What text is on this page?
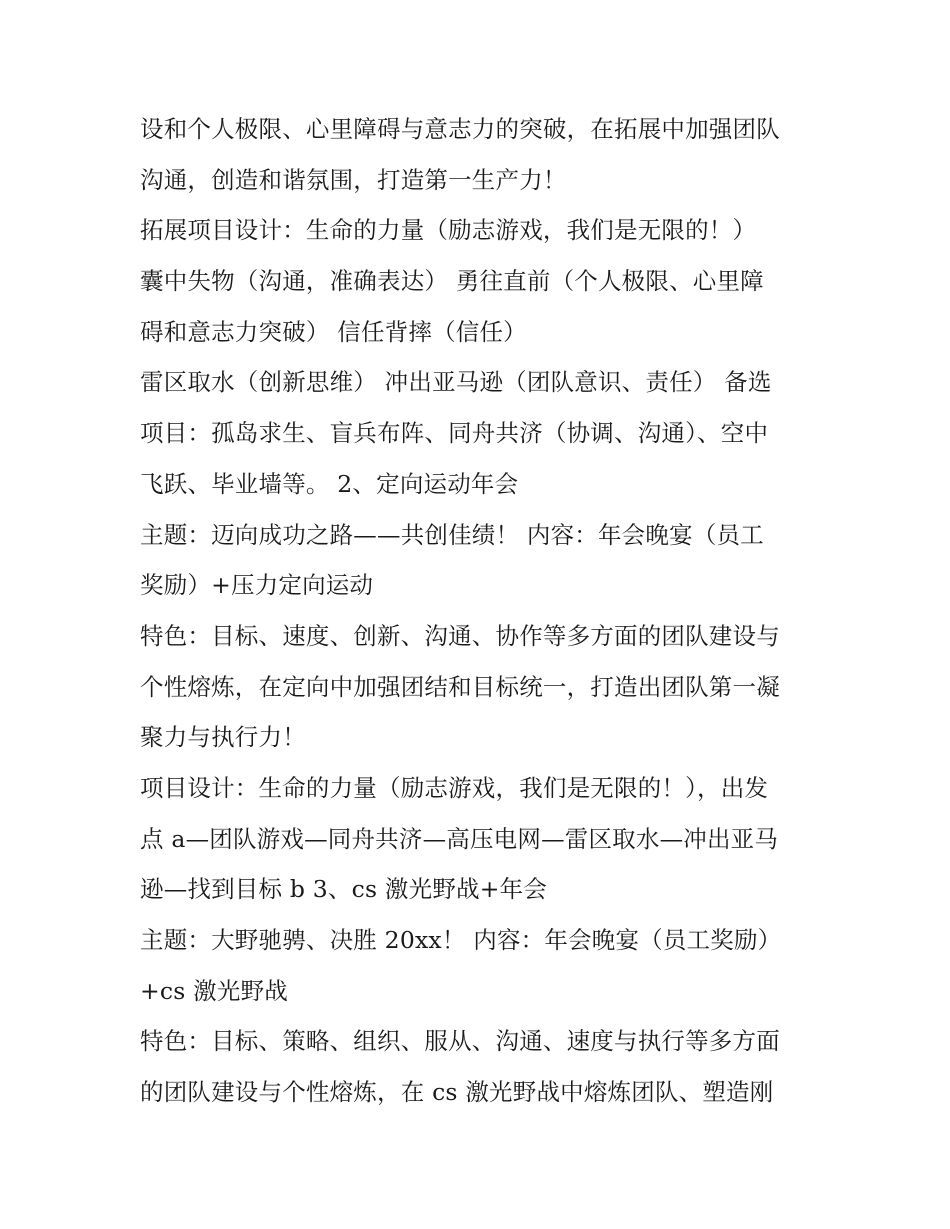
设和个人极限、心里障碍与意志力的突破，在拓展中加强团队
沟通，创造和谐氛围，打造第一生产力！
拓展项目设计：生命的力量（励志游戏，我们是无限的！）
囊中失物（沟通，准确表达） 勇往直前（个人极限、心里障
碍和意志力突破） 信任背摔（信任）
雷区取水（创新思维） 冲出亚马逊（团队意识、责任） 备选
项目：孤岛求生、盲兵布阵、同舟共济（协调、沟通）、空中
飞跃、毕业墙等。 2、定向运动年会
主题：迈向成功之路——共创佳绩！ 内容：年会晚宴（员工
奖励）+压力定向运动
特色：目标、速度、创新、沟通、协作等多方面的团队建设与
个性熔炼，在定向中加强团结和目标统一，打造出团队第一凝
聚力与执行力！
项目设计：生命的力量（励志游戏，我们是无限的！），出发
点 a—团队游戏—同舟共济—高压电网—雷区取水—冲出亚马
逊—找到目标 b 3、cs 激光野战+年会
主题：大野驰骋、决胜 20xx！ 内容：年会晚宴（员工奖励）
+cs 激光野战
特色：目标、策略、组织、服从、沟通、速度与执行等多方面
的团队建设与个性熔炼，在 cs 激光野战中熔炼团队、塑造刚
